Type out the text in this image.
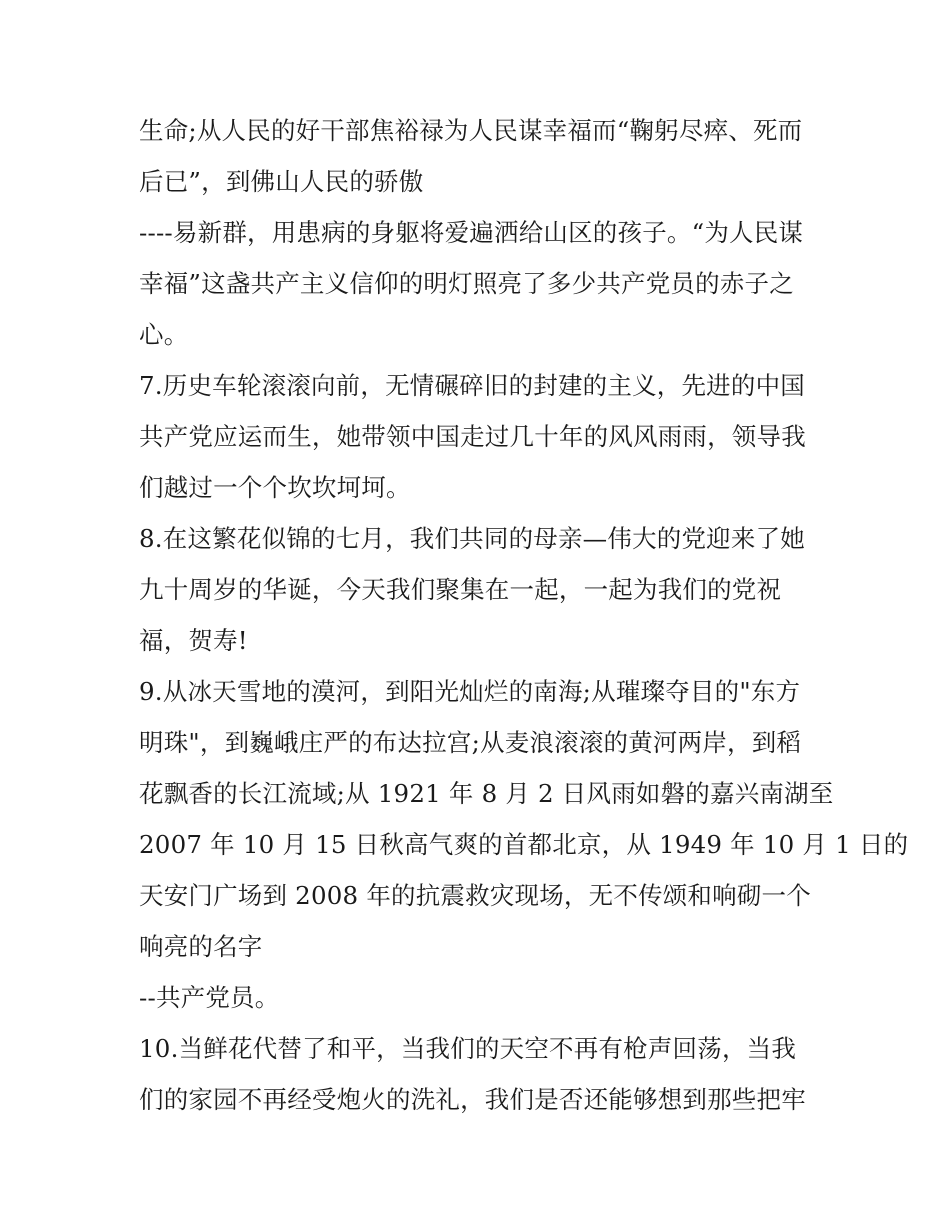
生命;从人民的好干部焦裕禄为人民谋幸福而“鞠躬尽瘁、死而
后已”，到佛山人民的骄傲
----易新群，用患病的身躯将爱遍洒给山区的孩子。“为人民谋
幸福”这盏共产主义信仰的明灯照亮了多少共产党员的赤子之
心。
7.历史车轮滚滚向前，无情碾碎旧的封建的主义，先进的中国
共产党应运而生，她带领中国走过几十年的风风雨雨，领导我
们越过一个个坎坎坷坷。
8.在这繁花似锦的七月，我们共同的母亲—伟大的党迎来了她
九十周岁的华诞，今天我们聚集在一起，一起为我们的党祝
福，贺寿!
9.从冰天雪地的漠河，到阳光灿烂的南海;从璀璨夺目的"东方
明珠"，到巍峨庄严的布达拉宫;从麦浪滚滚的黄河两岸，到稻
花飘香的长江流域;从 1921 年 8 月 2 日风雨如磐的嘉兴南湖至
2007 年 10 月 15 日秋高气爽的首都北京，从 1949 年 10 月 1 日的
天安门广场到 2008 年的抗震救灾现场，无不传颂和响砌一个
响亮的名字
--共产党员。
10.当鲜花代替了和平，当我们的天空不再有枪声回荡，当我
们的家园不再经受炮火的洗礼，我们是否还能够想到那些把牢
